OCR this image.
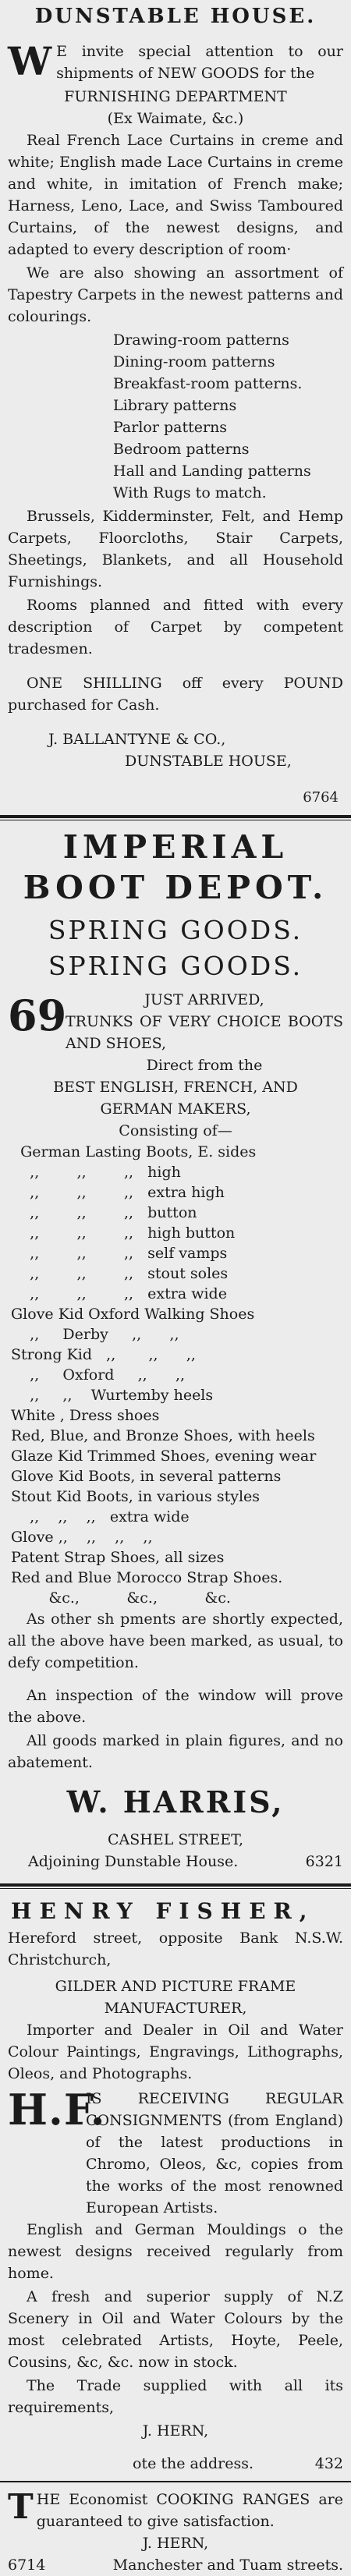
DUNSTABLE HOUSE.

W E invite special attention to our shipments of NEW GOODS for the

FURNISHING DEPARTMENT

(Ex Waimate, &c.)

Real French Lace Curtains in creme and white; English made Lace Curtains in creme and white, in imitation of French make; Harness, Leno, Lace, and Swiss Tamboured Curtains, of the newest designs, and adapted to every description of room·

We are also showing an assortment of Tapestry Carpets in the newest patterns and colourings.

Drawing-room patterns
Dining-room patterns
Breakfast-room patterns.
Library patterns
Parlor patterns
Bedroom patterns
Hall and Landing patterns
With Rugs to match.

Brussels, Kidderminster, Felt, and Hemp Carpets, Floorcloths, Stair Carpets, Sheetings, Blankets, and all Household Furnishings.

Rooms planned and fitted with every description of Carpet by competent tradesmen.

ONE SHILLING off every POUND purchased for Cash.

J. BALLANTYNE & CO.,

DUNSTABLE HOUSE,

6764

IMPERIAL
BOOT DEPOT.

SPRING GOODS.

SPRING GOODS.

69	JUST ARRIVED,
TRUNKS OF VERY CHOICE BOOTS AND SHOES,
Direct from the

BEST ENGLISH, FRENCH, AND

GERMAN MAKERS,

Consisting of—

German Lasting Boots, E. sides
,,        ,,        ,,   high
,,        ,,        ,,   extra high
,,        ,,        ,,   button
,,        ,,        ,,   high button
,,        ,,        ,,   self vamps
,,        ,,        ,,   stout soles
,,        ,,        ,,   extra wide
Glove Kid Oxford Walking Shoes
,,     Derby     ,,      ,,
Strong Kid   ,,       ,,      ,,
,,     Oxford     ,,      ,,
,,     ,,    Wurtemby heels
White , Dress shoes
Red, Blue, and Bronze Shoes, with heels
Glaze Kid Trimmed Shoes, evening wear
Glove Kid Boots, in several patterns
Stout Kid Boots, in various styles
,,    ,,    ,,   extra wide
Glove ,,    ,,    ,,    ,,
Patent Strap Shoes, all sizes
Red and Blue Morocco Strap Shoes.
&c.,          &c.,          &c.

As other sh pments are shortly expected, all the above have been marked, as usual, to defy competition.

An inspection of the window will prove the above.

All goods marked in plain figures, and no abatement.

W. HARRIS,

CASHEL STREET,

Adjoining Dunstable House.	6321
HENRY FISHER,

Hereford street, opposite Bank N.S.W. Christchurch,

GILDER AND PICTURE FRAME

MANUFACTURER,

Importer and Dealer in Oil and Water Colour Paintings, Engravings, Lithographs, Oleos, and Photographs.

H.F.
IS RECEIVING REGULAR CONSIGNMENTS (from England) of the latest productions in Chromo, Oleos, &c, copies from the works of the most renowned European Artists.

English and German Mouldings o the newest designs received regularly from home.

A fresh and superior supply of N.Z Scenery in Oil and Water Colours by the most celebrated Artists, Hoyte, Peele, Cousins, &c, &c. now in stock.

The Trade supplied with all its requirements,

J. HERN,

ote the address.	432

THE Economist COOKING RANGES are guaranteed to give satisfaction.

J. HERN,

6714	Manchester and Tuam streets.
